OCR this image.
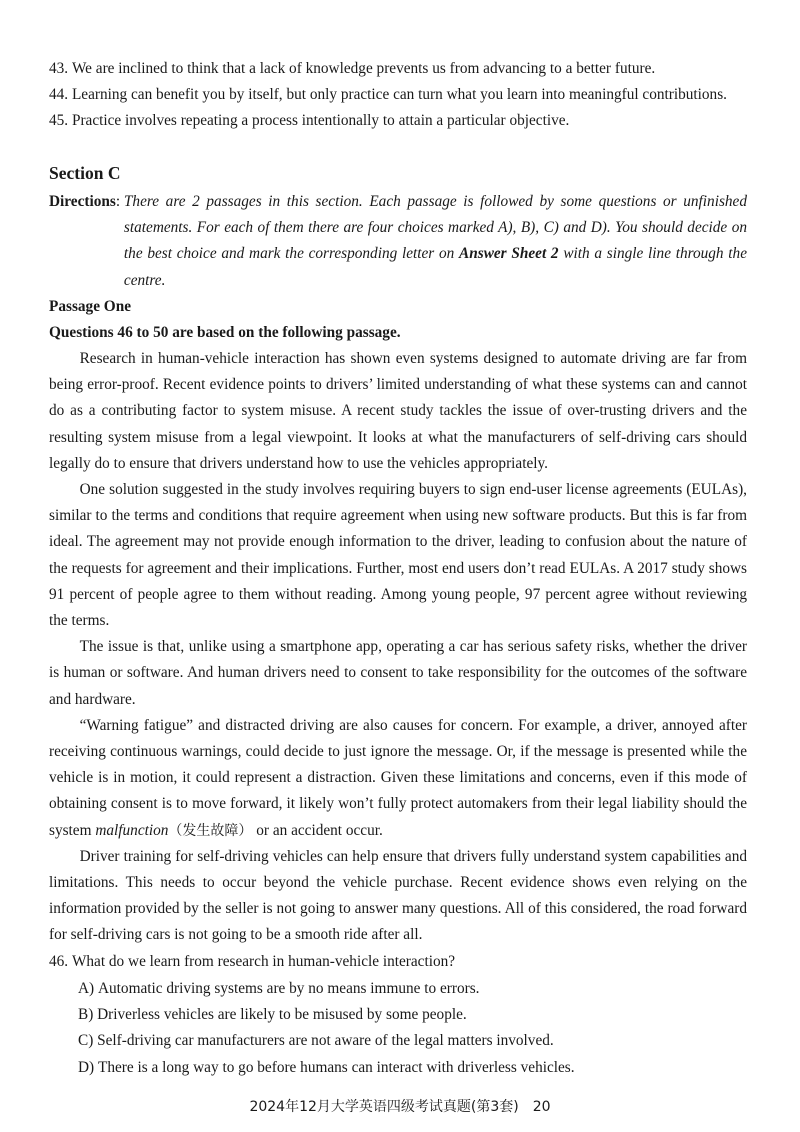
43.
We are inclined to think that a lack of knowledge prevents us from advancing to a better future.
44.
Learning can benefit you by itself, but only practice can turn what you learn into meaningful contributions.
45.
Practice involves repeating a process intentionally to attain a particular objective.
Section C
Directions :
There are 2 passages in this section. Each passage is followed by some questions or unfinished statements. For each of them there are four choices marked A), B), C) and D). You should decide on the best choice and mark the corresponding letter on Answer Sheet 2 with a single line through the centre.
Passage One
Questions 46 to 50 are based on the following passage.

Research in human-vehicle interaction has shown even systems designed to automate driving are far from being error-proof. Recent evidence points to drivers’ limited understanding of what these systems can and cannot do as a contributing factor to system misuse. A recent study tackles the issue of over-trusting drivers and the resulting system misuse from a legal viewpoint. It looks at what the manufacturers of self-driving cars should legally do to ensure that drivers understand how to use the vehicles appropriately.

One solution suggested in the study involves requiring buyers to sign end-user license agreements (EULAs), similar to the terms and conditions that require agreement when using new software products. But this is far from ideal. The agreement may not provide enough information to the driver, leading to confusion about the nature of the requests for agreement and their implications. Further, most end users don’t read EULAs. A 2017 study shows 91 percent of people agree to them without reading. Among young people, 97 percent agree without reviewing the terms.

The issue is that, unlike using a smartphone app, operating a car has serious safety risks, whether the driver is human or software. And human drivers need to consent to take responsibility for the outcomes of the software and hardware.

“Warning fatigue” and distracted driving are also causes for concern. For example, a driver, annoyed after receiving continuous warnings, could decide to just ignore the message. Or, if the message is presented while the vehicle is in motion, it could represent a distraction. Given these limitations and concerns, even if this mode of obtaining consent is to move forward, it likely won’t fully protect automakers from their legal liability should the system malfunction（发生故障） or an accident occur.

Driver training for self-driving vehicles can help ensure that drivers fully understand system capabilities and limitations. This needs to occur beyond the vehicle purchase. Recent evidence shows even relying on the information provided by the seller is not going to answer many questions. All of this considered, the road forward for self-driving cars is not going to be a smooth ride after all.

46.
What do we learn from research in human-vehicle interaction?
A)
Automatic driving systems are by no means immune to errors.
B)
Driverless vehicles are likely to be misused by some people.
C)
Self-driving car manufacturers are not aware of the legal matters involved.
D)
There is a long way to go before humans can interact with driverless vehicles.
2024年12月大学英语四级考试真题(第3套)　20
